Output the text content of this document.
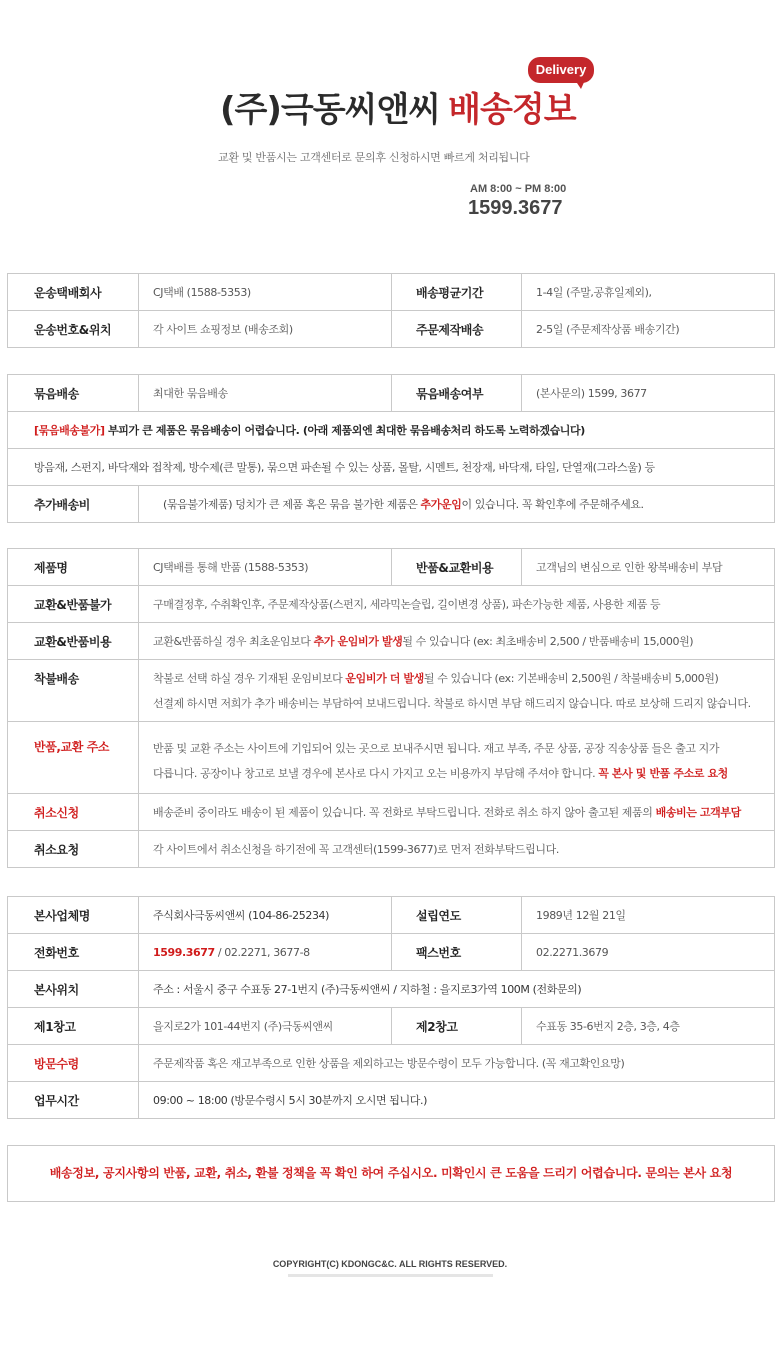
Delivery
(주)극동씨앤씨 배송정보
교환 및 반품시는 고객센터로 문의후 신청하시면 빠르게 처리됩니다
AM 8:00 ~ PM 8:00
1599.3677
운송택배회사	CJ택배 (1588-5353)	배송평균기간	1-4일 (주말,공휴일제외),
운송번호&위치	각 사이트 쇼핑정보 (배송조회)	주문제작배송	2-5일 (주문제작상품 배송기간)
묶음배송	최대한 묶음배송	묶음배송여부	(본사문의) 1599, 3677
[묶음배송불가] 부피가 큰 제품은 묶음배송이 어렵습니다. (아래 제품외엔 최대한 묶음배송처리 하도록 노력하겠습니다)			
방음재, 스펀지, 바닥재와 접착제, 방수제(큰 말통), 묶으면 파손될 수 있는 상품, 몰탈, 시멘트, 천장재, 바닥재, 타일, 단열재(그라스울) 등			
추가배송비	(묶음불가제품) 덩치가 큰 제품 혹은 묶음 불가한 제품은 추가운임이 있습니다. 꼭 확인후에 주문해주세요.		
제품명	CJ택배를 통해 반품 (1588-5353)	반품&교환비용	고객님의 변심으로 인한 왕복배송비 부담
교환&반품불가	구매결정후, 수취확인후, 주문제작상품(스펀지, 세라믹논슬립, 길이변경 상품), 파손가능한 제품, 사용한 제품 등		
교환&반품비용	교환&반품하실 경우 최초운임보다 추가 운임비가 발생될 수 있습니다 (ex: 최초배송비 2,500 / 반품배송비 15,000원)		
착불배송	착불로 선택 하실 경우 기재된 운임비보다 운임비가 더 발생될 수 있습니다 (ex: 기본배송비 2,500원 / 착불배송비 5,000원)
선결제 하시면 저희가 추가 배송비는 부담하여 보내드립니다. 착불로 하시면 부담 해드리지 않습니다. 따로 보상해 드리지 않습니다.		

반품,교환 주소	반품 및 교환 주소는 사이트에 기입되어 있는 곳으로 보내주시면 됩니다. 재고 부족, 주문 상품, 공장 직송상품 들은 출고 지가
다릅니다. 공장이나 창고로 보낼 경우에 본사로 다시 가지고 오는 비용까지 부담해 주셔야 합니다. 꼭 본사 및 반품 주소로 요청		

취소신청	배송준비 중이라도 배송이 된 제품이 있습니다. 꼭 전화로 부탁드립니다. 전화로 취소 하지 않아 출고된 제품의 배송비는 고객부담		
취소요청	각 사이트에서 취소신청을 하기전에 꼭 고객센터(1599-3677)로 먼저 전화부탁드립니다.		
본사업체명	주식회사극동씨앤씨 (104-86-25234)	설립연도	1989년 12월 21일
전화번호	1599.3677 / 02.2271, 3677-8	팩스번호	02.2271.3679
본사위치	주소 : 서울시 중구 수표동 27-1번지 (주)극동씨앤씨 / 지하철 : 을지로3가역 100M (전화문의)		
제1창고	을지로2가 101-44번지 (주)극동씨앤씨	제2창고	수표동 35-6번지 2층, 3층, 4층
방문수령	주문제작품 혹은 재고부족으로 인한 상품을 제외하고는 방문수령이 모두 가능합니다. (꼭 재고확인요망)		
업무시간	09:00 ~ 18:00 (방문수령시 5시 30분까지 오시면 됩니다.)		
배송정보, 공지사항의 반품, 교환, 취소, 환불 정책을 꼭 확인 하여 주십시오. 미확인시 큰 도움을 드리기 어렵습니다. 문의는 본사 요청
COPYRIGHT(C) KDONGC&C. ALL RIGHTS RESERVED.
